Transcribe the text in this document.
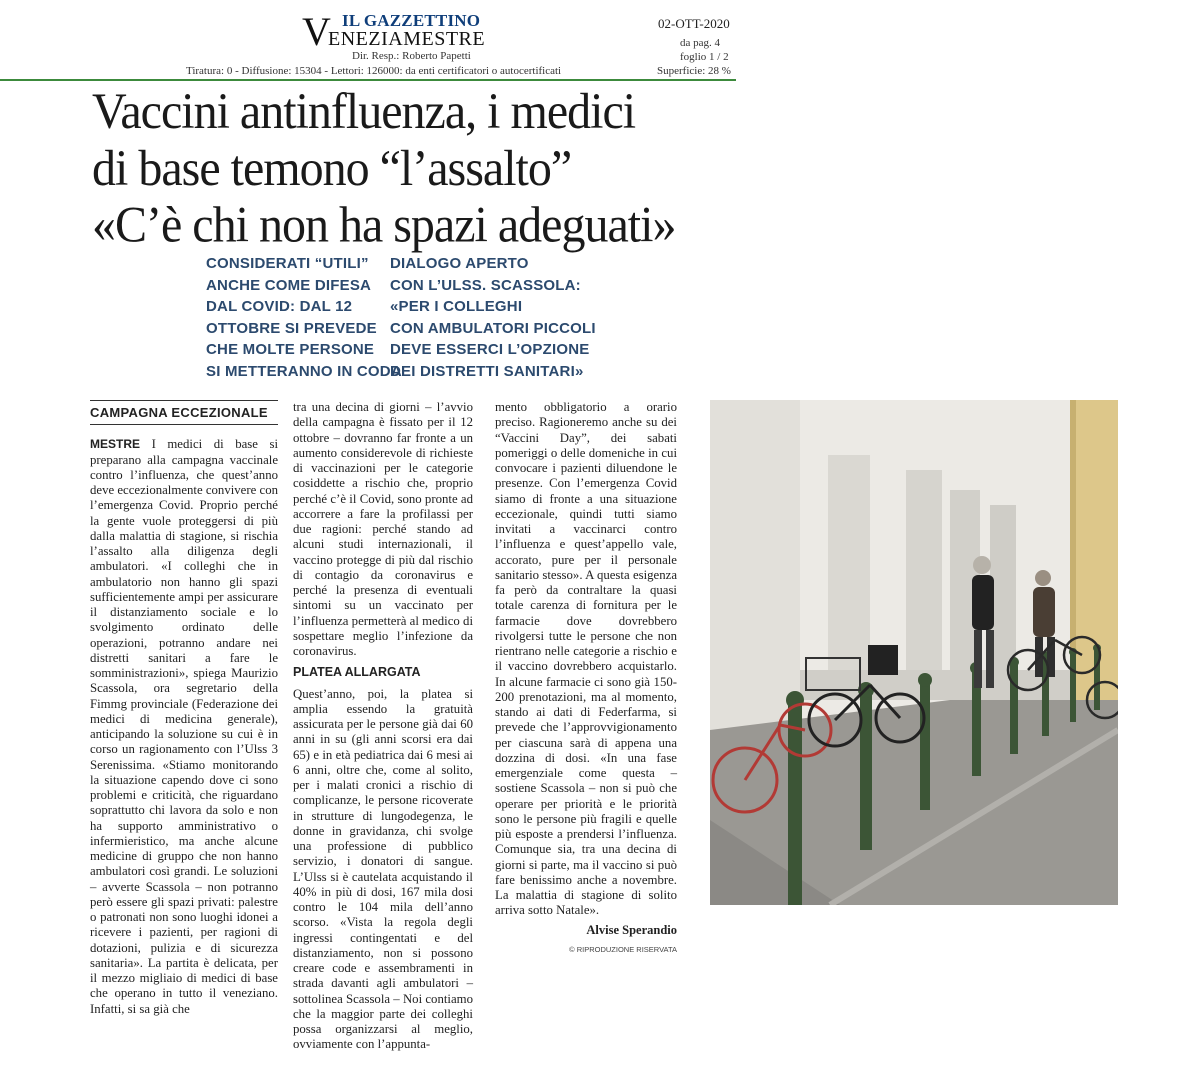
V IL GAZZETTINO
ENEZIAMESTRE
Dir. Resp.: Roberto Papetti
Tiratura: 0 - Diffusione: 15304 - Lettori: 126000: da enti certificatori o autocertificati
02-OTT-2020
da pag. 4
foglio 1 / 2
Superficie: 28 %
Vaccini antinfluenza, i medici
di base temono “l’assalto”
«C’è chi non ha spazi adeguati»
CONSIDERATI “UTILI”
ANCHE COME DIFESA
DAL COVID: DAL 12
OTTOBRE SI PREVEDE
CHE MOLTE PERSONE
SI METTERANNO IN CODA
DIALOGO APERTO
CON L’ULSS. SCASSOLA:
«PER I COLLEGHI
CON AMBULATORI PICCOLI
DEVE ESSERCI L’OPZIONE
DEI DISTRETTI SANITARI»
CAMPAGNA ECCEZIONALE

MESTRE I medici di base si preparano alla campagna vaccinale contro l’influenza, che quest’anno deve eccezionalmente convivere con l’emergenza Covid. Proprio perché la gente vuole proteggersi di più dalla malattia di stagione, si rischia l’assalto alla diligenza degli ambulatori. «I colleghi che in ambulatorio non hanno gli spazi sufficientemente ampi per assicurare il distanziamento sociale e lo svolgimento ordinato delle operazioni, potranno andare nei distretti sanitari a fare le somministrazioni», spiega Maurizio Scassola, ora segretario della Fimmg provinciale (Federazione dei medici di medicina generale), anticipando la soluzione su cui è in corso un ragionamento con l’Ulss 3 Serenissima. «Stiamo monitorando la situazione capendo dove ci sono problemi e criticità, che riguardano soprattutto chi lavora da solo e non ha supporto amministrativo o infermieristico, ma anche alcune medicine di gruppo che non hanno ambulatori così grandi. Le soluzioni – avverte Scassola – non potranno però essere gli spazi privati: palestre o patronati non sono luoghi idonei a ricevere i pazienti, per ragioni di dotazioni, pulizia e di sicurezza sanitaria». La partita è delicata, per il mezzo migliaio di medici di base che operano in tutto il veneziano. Infatti, si sa già che

tra una decina di giorni – l’avvio della campagna è fissato per il 12 ottobre – dovranno far fronte a un aumento considerevole di richieste di vaccinazioni per le categorie cosiddette a rischio che, proprio perché c’è il Covid, sono pronte ad accorrere a fare la profilassi per due ragioni: perché stando ad alcuni studi internazionali, il vaccino protegge di più dal rischio di contagio da coronavirus e perché la presenza di eventuali sintomi su un vaccinato per l’influenza permetterà al medico di sospettare meglio l’infezione da coronavirus.

PLATEA ALLARGATA

Quest’anno, poi, la platea si amplia essendo la gratuità assicurata per le persone già dai 60 anni in su (gli anni scorsi era dai 65) e in età pediatrica dai 6 mesi ai 6 anni, oltre che, come al solito, per i malati cronici a rischio di complicanze, le persone ricoverate in strutture di lungodegenza, le donne in gravidanza, chi svolge una professione di pubblico servizio, i donatori di sangue. L’Ulss si è cautelata acquistando il 40% in più di dosi, 167 mila dosi contro le 104 mila dell’anno scorso. «Vista la regola degli ingressi contingentati e del distanziamento, non si possono creare code e assembramenti in strada davanti agli ambulatori – sottolinea Scassola – Noi contiamo che la maggior parte dei colleghi possa organizzarsi al meglio, ovviamente con l’appunta-

mento obbligatorio a orario preciso. Ragioneremo anche su dei “Vaccini Day”, dei sabati pomeriggi o delle domeniche in cui convocare i pazienti diluendone le presenze. Con l’emergenza Covid siamo di fronte a una situazione eccezionale, quindi tutti siamo invitati a vaccinarci contro l’influenza e quest’appello vale, accorato, pure per il personale sanitario stesso». A questa esigenza fa però da contraltare la quasi totale carenza di fornitura per le farmacie dove dovrebbero rivolgersi tutte le persone che non rientrano nelle categorie a rischio e il vaccino dovrebbero acquistarlo. In alcune farmacie ci sono già 150-200 prenotazioni, ma al momento, stando ai dati di Federfarma, si prevede che l’approvvigionamento per ciascuna sarà di appena una dozzina di dosi. «In una fase emergenziale come questa – sostiene Scassola – non si può che operare per priorità e le priorità sono le persone più fragili e quelle più esposte a prendersi l’influenza. Comunque sia, tra una decina di giorni si parte, ma il vaccino si può fare benissimo anche a novembre. La malattia di stagione di solito arriva sotto Natale».

Alvise Sperandio
© RIPRODUZIONE RISERVATA
